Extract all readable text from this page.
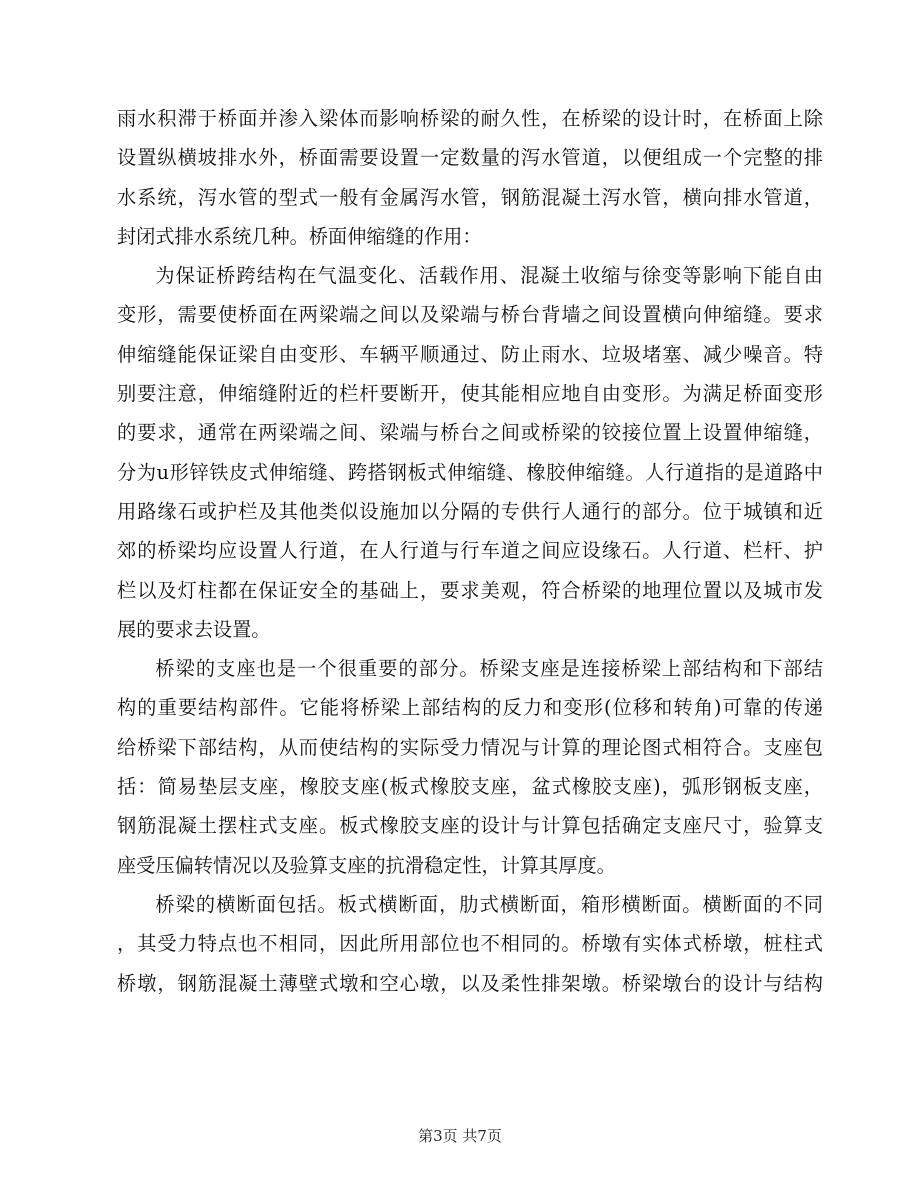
雨水积滞于桥面并渗入梁体而影响桥梁的耐久性，在桥梁的设计时，在桥面上除
设置纵横坡排水外，桥面需要设置一定数量的泻水管道，以便组成一个完整的排
水系统，泻水管的型式一般有金属泻水管，钢筋混凝土泻水管，横向排水管道，
封闭式排水系统几种。桥面伸缩缝的作用：
为保证桥跨结构在气温变化、活载作用、混凝土收缩与徐变等影响下能自由
变形，需要使桥面在两梁端之间以及梁端与桥台背墙之间设置横向伸缩缝。要求
伸缩缝能保证梁自由变形、车辆平顺通过、防止雨水、垃圾堵塞、减少噪音。特
别要注意，伸缩缝附近的栏杆要断开，使其能相应地自由变形。为满足桥面变形
的要求，通常在两梁端之间、梁端与桥台之间或桥梁的铰接位置上设置伸缩缝，
分为u形锌铁皮式伸缩缝、跨搭钢板式伸缩缝、橡胶伸缩缝。人行道指的是道路中
用路缘石或护栏及其他类似设施加以分隔的专供行人通行的部分。位于城镇和近
郊的桥梁均应设置人行道，在人行道与行车道之间应设缘石。人行道、栏杆、护
栏以及灯柱都在保证安全的基础上，要求美观，符合桥梁的地理位置以及城市发
展的要求去设置。
桥梁的支座也是一个很重要的部分。桥梁支座是连接桥梁上部结构和下部结
构的重要结构部件。它能将桥梁上部结构的反力和变形(位移和转角)可靠的传递
给桥梁下部结构，从而使结构的实际受力情况与计算的理论图式相符合。支座包
括：简易垫层支座，橡胶支座(板式橡胶支座，盆式橡胶支座)，弧形钢板支座，
钢筋混凝土摆柱式支座。板式橡胶支座的设计与计算包括确定支座尺寸，验算支
座受压偏转情况以及验算支座的抗滑稳定性，计算其厚度。
桥梁的横断面包括。板式横断面，肋式横断面，箱形横断面。横断面的不同
，其受力特点也不相同，因此所用部位也不相同的。桥墩有实体式桥墩，桩柱式
桥墩，钢筋混凝土薄壁式墩和空心墩，以及柔性排架墩。桥梁墩台的设计与结构
第3页 共7页
